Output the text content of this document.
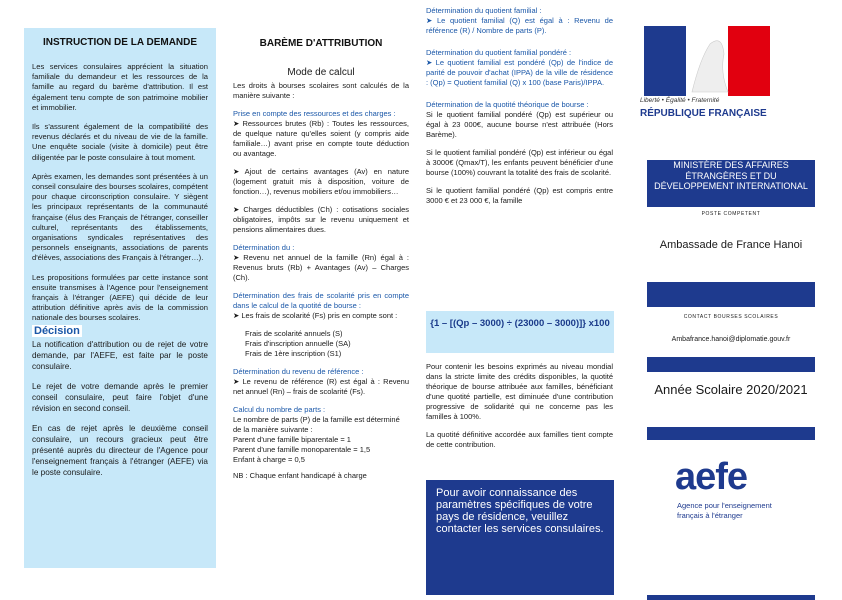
INSTRUCTION DE LA DEMANDE

Les services consulaires apprécient la situation familiale du demandeur et les ressources de la famille au regard du barème d'attribution. Il est également tenu compte de son patrimoine mobilier et immobilier.

Ils s'assurent également de la compatibilité des revenus déclarés et du niveau de vie de la famille. Une enquête sociale (visite à domicile) peut être diligentée par le poste consulaire à tout moment.

Après examen, les demandes sont présentées à un conseil consulaire des bourses scolaires, compétent pour chaque circonscription consulaire. Y siègent les principaux représentants de la communauté française (élus des Français de l'étranger, conseiller culturel, représentants des établissements, organisations syndicales représentatives des personnels enseignants, associations de parents d'élèves, associations des Français à l'étranger…).

Les propositions formulées par cette instance sont ensuite transmises à l'Agence pour l'enseignement français à l'étranger (AEFE) qui décide de leur attribution définitive après avis de la commission nationale des bourses scolaires.

Décision

La notification d'attribution ou de rejet de votre demande, par l'AEFE, est faite par le poste consulaire.

Le rejet de votre demande après le premier conseil consulaire, peut faire l'objet d'une révision en second conseil.

En cas de rejet après le deuxième conseil consulaire, un recours gracieux peut être présenté auprès du directeur de l'Agence pour l'enseignement français à l'étranger (AEFE) via le poste consulaire.

BARÈME D'ATTRIBUTION
Mode de calcul

Les droits à bourses scolaires sont calculés de la manière suivante :

Prise en compte des ressources et des charges :

➤ Ressources brutes (Rb) : Toutes les ressources, de quelque nature qu'elles soient (y compris aide familiale…) avant prise en compte toute déduction ou avantage.

➤ Ajout de certains avantages (Av) en nature (logement gratuit mis à disposition, voiture de fonction…), revenus mobiliers et/ou immobiliers…

➤ Charges déductibles (Ch) : cotisations sociales obligatoires, impôts sur le revenu uniquement et pensions alimentaires dues.

Détermination du :

➤ Revenu net annuel de la famille (Rn) égal à : Revenus bruts (Rb) + Avantages (Av) – Charges (Ch).

Détermination des frais de scolarité pris en compte dans le calcul de la quotité de bourse :

➤ Les frais de scolarité (Fs) pris en compte sont :

Frais de scolarité annuels (S)
Frais d'inscription annuelle (SA)
Frais de 1ère inscription (S1)

Détermination du revenu de référence :

➤ Le revenu de référence (R) est égal à : Revenu net annuel (Rn) – frais de scolarité (Fs).

Calcul du nombre de parts :

Le nombre de parts (P) de la famille est déterminé de la manière suivante :
Parent d'une famille biparentale = 1
Parent d'une famille monoparentale = 1,5
Enfant à charge = 0,5
NB : Chaque enfant handicapé à charge

Détermination du quotient familial :

➤ Le quotient familial (Q) est égal à : Revenu de référence (R) / Nombre de parts (P).

Détermination du quotient familial pondéré :

➤ Le quotient familial est pondéré (Qp) de l'indice de parité de pouvoir d'achat (IPPA) de la ville de résidence : (Qp) = Quotient familial (Q) x 100 (base Paris)/IPPA.

Détermination de la quotité théorique de bourse :

Si le quotient familial pondéré (Qp) est supérieur ou égal à 23 000€, aucune bourse n'est attribuée (Hors Barème).

Si le quotient familial pondéré (Qp) est inférieur ou égal à 3000€ (Qmax/T), les enfants peuvent bénéficier d'une bourse (100%) couvrant la totalité des frais de scolarité.

Si le quotient familial pondéré (Qp) est compris entre 3000 € et 23 000 €, la famille

{1 – [(Qp – 3000) ÷ (23000 – 3000)]} x100

Pour contenir les besoins exprimés au niveau mondial dans la stricte limite des crédits disponibles, la quotité théorique de bourse attribuée aux familles, bénéficiant d'une quotité partielle, est diminuée d'une contribution progressive de solidarité qui ne concerne pas les familles à 100%.

La quotité définitive accordée aux familles tient compte de cette contribution.

Pour avoir connaissance des paramètres spécifiques de votre pays de résidence, veuillez contacter les services consulaires.
Liberté • Égalité • Fraternité
RÉPUBLIQUE FRANÇAISE
MINISTÈRE DES AFFAIRES ÉTRANGÈRES ET DU DÉVELOPPEMENT INTERNATIONAL
POSTE COMPETENT
Ambassade de France Hanoi
CONTACT BOURSES SCOLAIRES
Ambafrance.hanoi@diplomatie.gouv.fr
Année Scolaire 2020/2021
aefe
Agence pour l'enseignement français à l'étranger
